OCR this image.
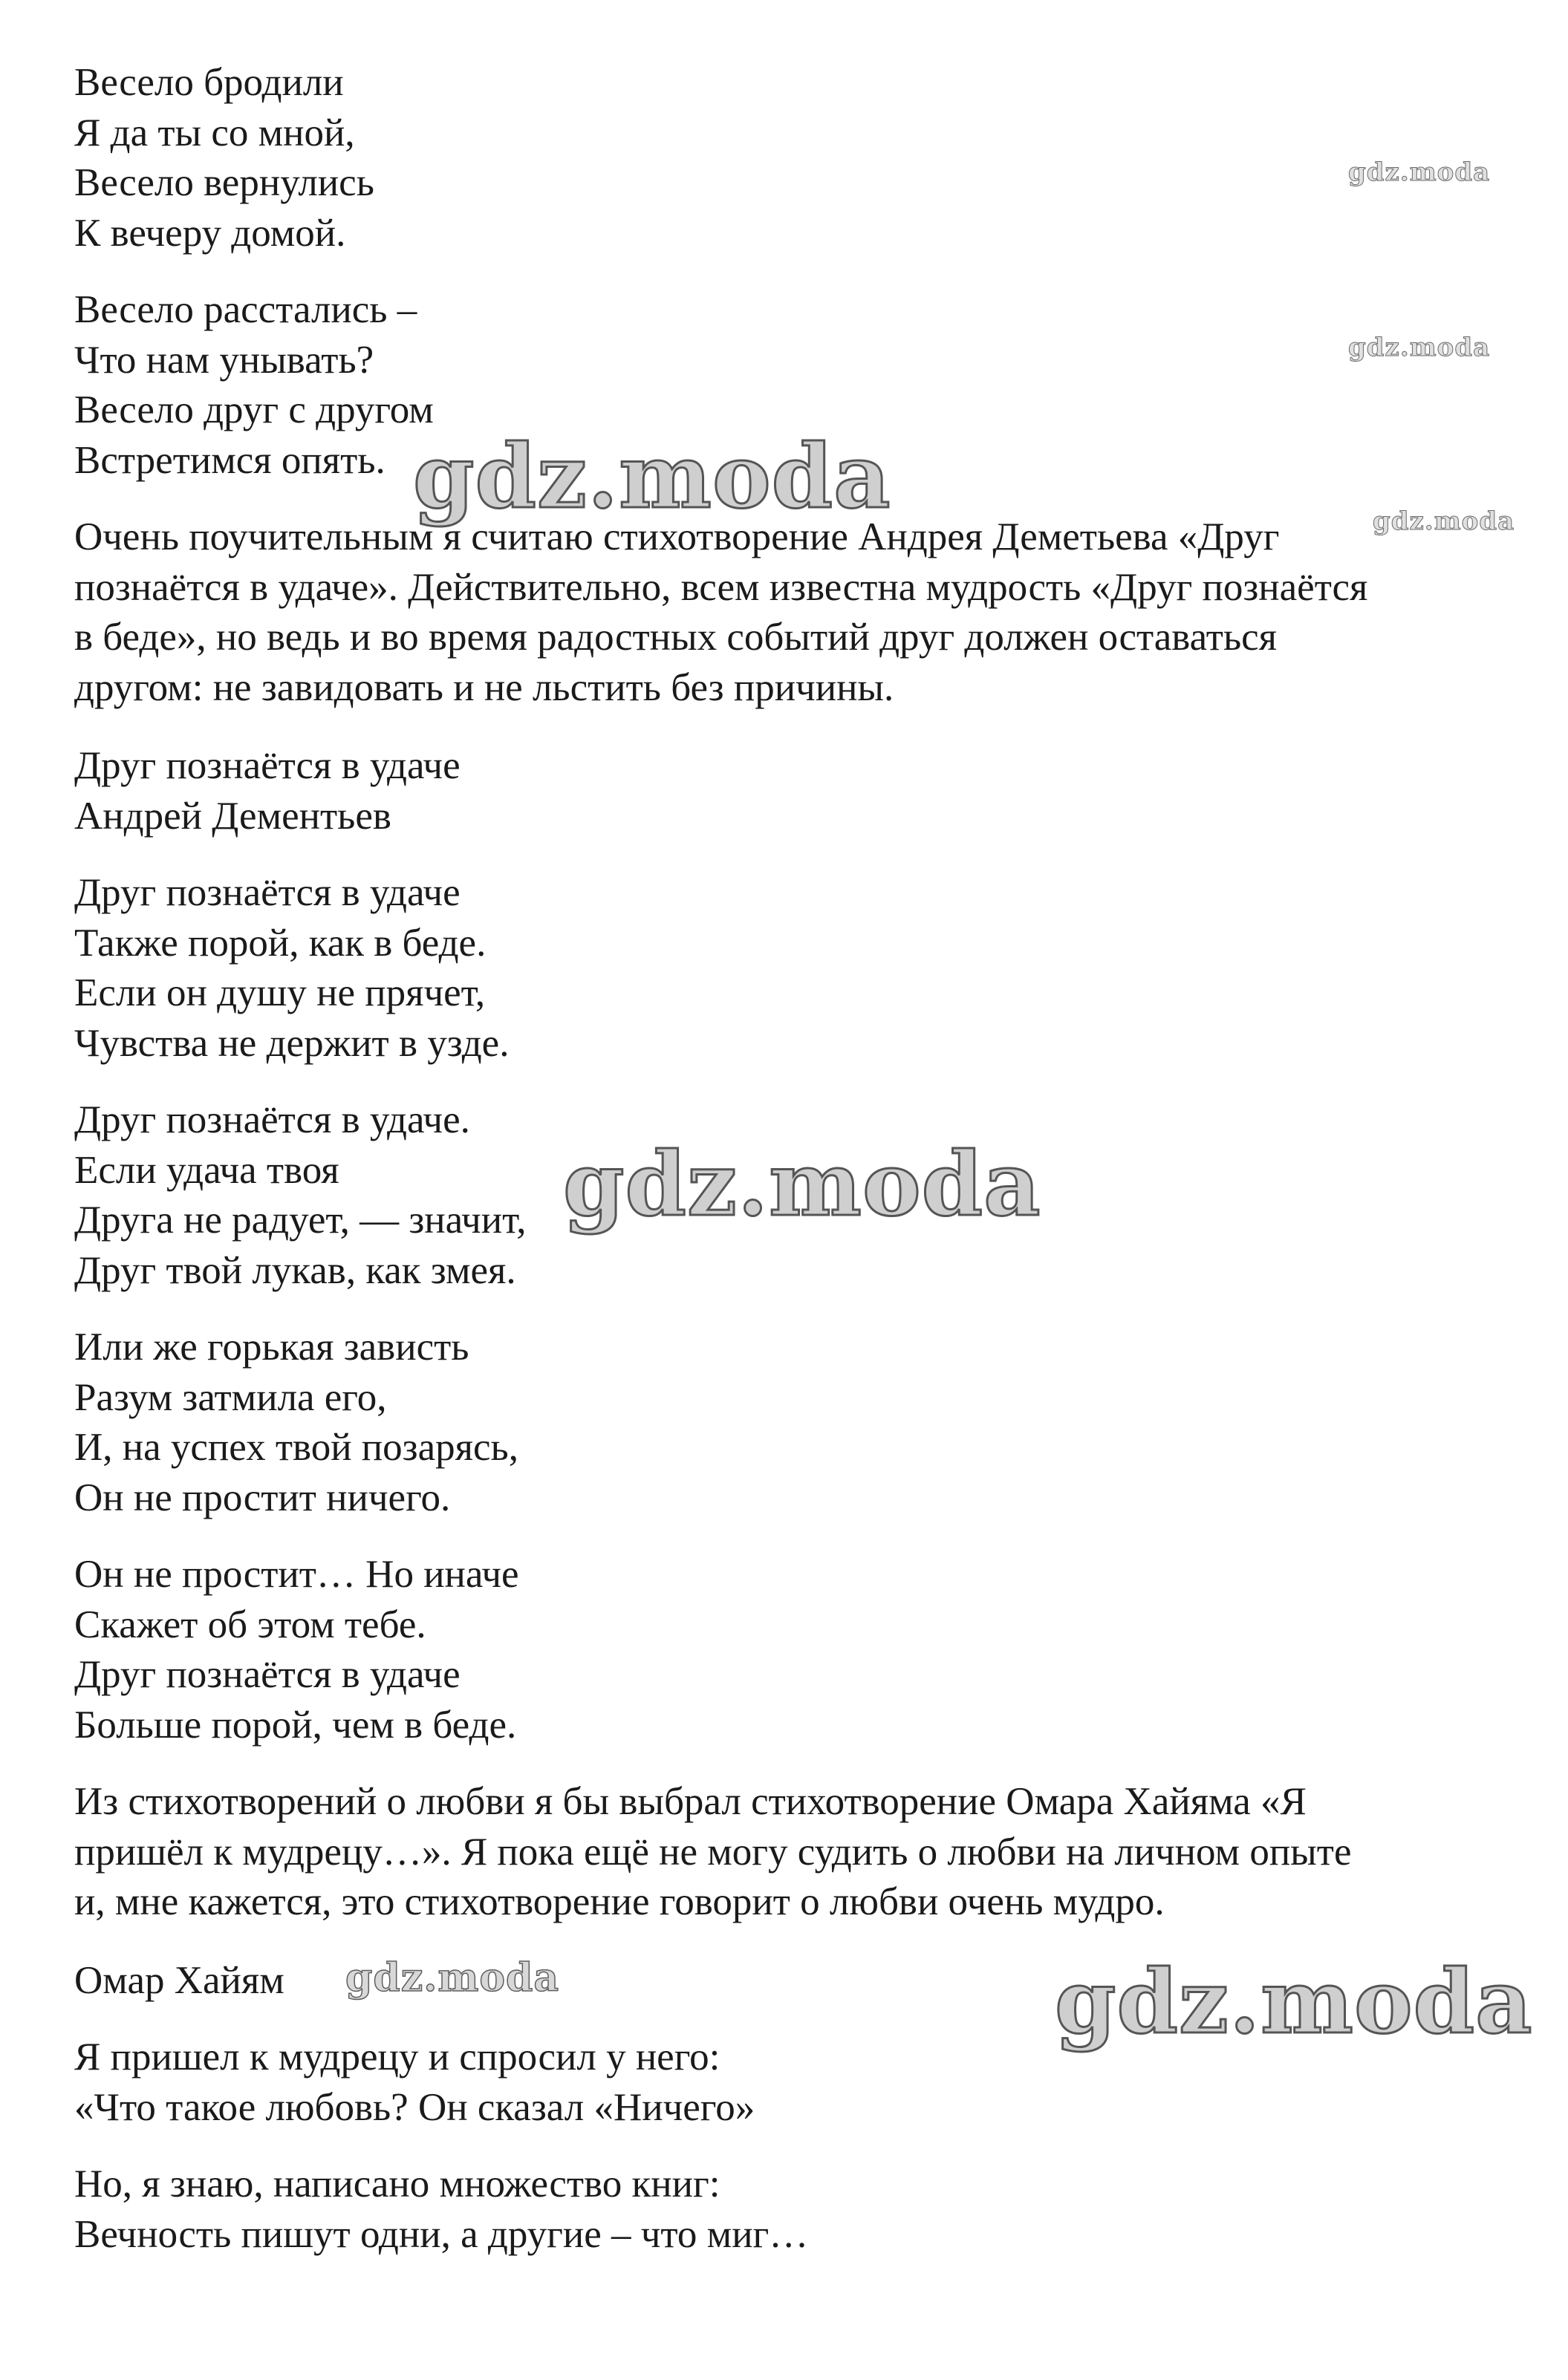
Весело бродили
Я да ты со мной,
Весело вернулись
К вечеру домой.
Весело расстались –
Что нам унывать?
Весело друг с другом
Встретимся опять.
Очень поучительным я считаю стихотворение Андрея Деметьева «Друг
познаётся в удаче». Действительно, всем известна мудрость «Друг познаётся
в беде», но ведь и во время радостных событий друг должен оставаться
другом: не завидовать и не льстить без причины.
Друг познаётся в удаче
Андрей Дементьев
Друг познаётся в удаче
Также порой, как в беде.
Если он душу не прячет,
Чувства не держит в узде.
Друг познаётся в удаче.
Если удача твоя
Друга не радует, — значит,
Друг твой лукав, как змея.
Или же горькая зависть
Разум затмила его,
И, на успех твой позарясь,
Он не простит ничего.
Он не простит… Но иначе
Скажет об этом тебе.
Друг познаётся в удаче
Больше порой, чем в беде.
Из стихотворений о любви я бы выбрал стихотворение Омара Хайяма «Я
пришёл к мудрецу…». Я пока ещё не могу судить о любви на личном опыте
и, мне кажется, это стихотворение говорит о любви очень мудро.
Омар Хайям
Я пришел к мудрецу и спросил у него:
«Что такое любовь? Он сказал «Ничего»
Но, я знаю, написано множество книг:
Вечность пишут одни, а другие – что миг…
gdz.moda
gdz.moda
gdz.moda	gdz.moda
gdz.moda
gdz.moda	gdz.moda
